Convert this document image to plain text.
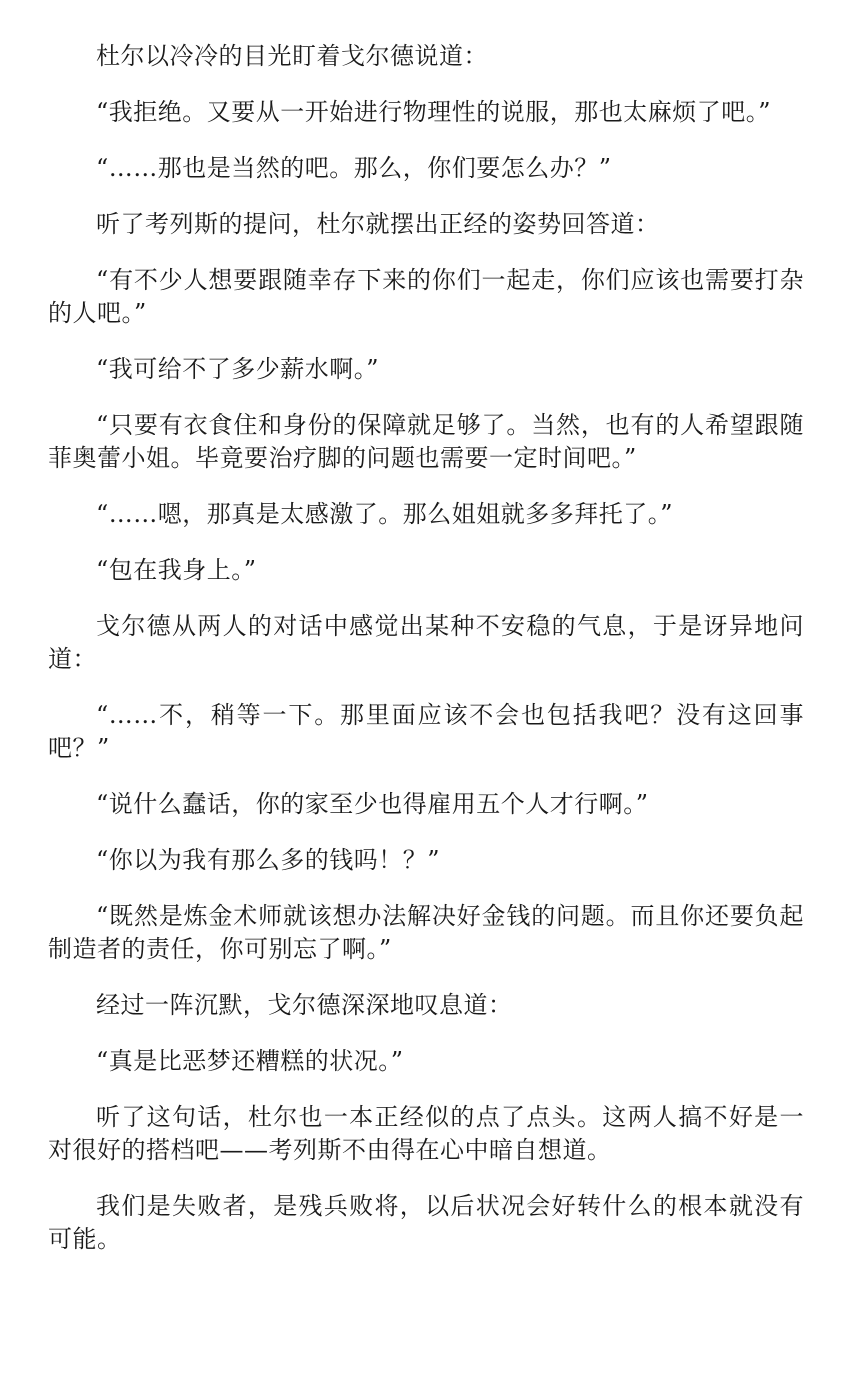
杜尔以冷冷的目光盯着戈尔德说道：

“我拒绝。又要从一开始进行物理性的说服，那也太麻烦了吧。”

“……那也是当然的吧。那么，你们要怎么办？”

听了考列斯的提问，杜尔就摆出正经的姿势回答道：

“有不少人想要跟随幸存下来的你们一起走，你们应该也需要打杂的人吧。”

“我可给不了多少薪水啊。”

“只要有衣食住和身份的保障就足够了。当然，也有的人希望跟随菲奥蕾小姐。毕竟要治疗脚的问题也需要一定时间吧。”

“……嗯，那真是太感激了。那么姐姐就多多拜托了。”

“包在我身上。”

戈尔德从两人的对话中感觉出某种不安稳的气息，于是讶异地问道：

“……不，稍等一下。那里面应该不会也包括我吧？没有这回事吧？”

“说什么蠢话，你的家至少也得雇用五个人才行啊。”

“你以为我有那么多的钱吗！？”

“既然是炼金术师就该想办法解决好金钱的问题。而且你还要负起制造者的责任，你可别忘了啊。”

经过一阵沉默，戈尔德深深地叹息道：

“真是比恶梦还糟糕的状况。”

听了这句话，杜尔也一本正经似的点了点头。这两人搞不好是一对很好的搭档吧——考列斯不由得在心中暗自想道。

我们是失败者，是残兵败将，以后状况会好转什么的根本就没有可能。
